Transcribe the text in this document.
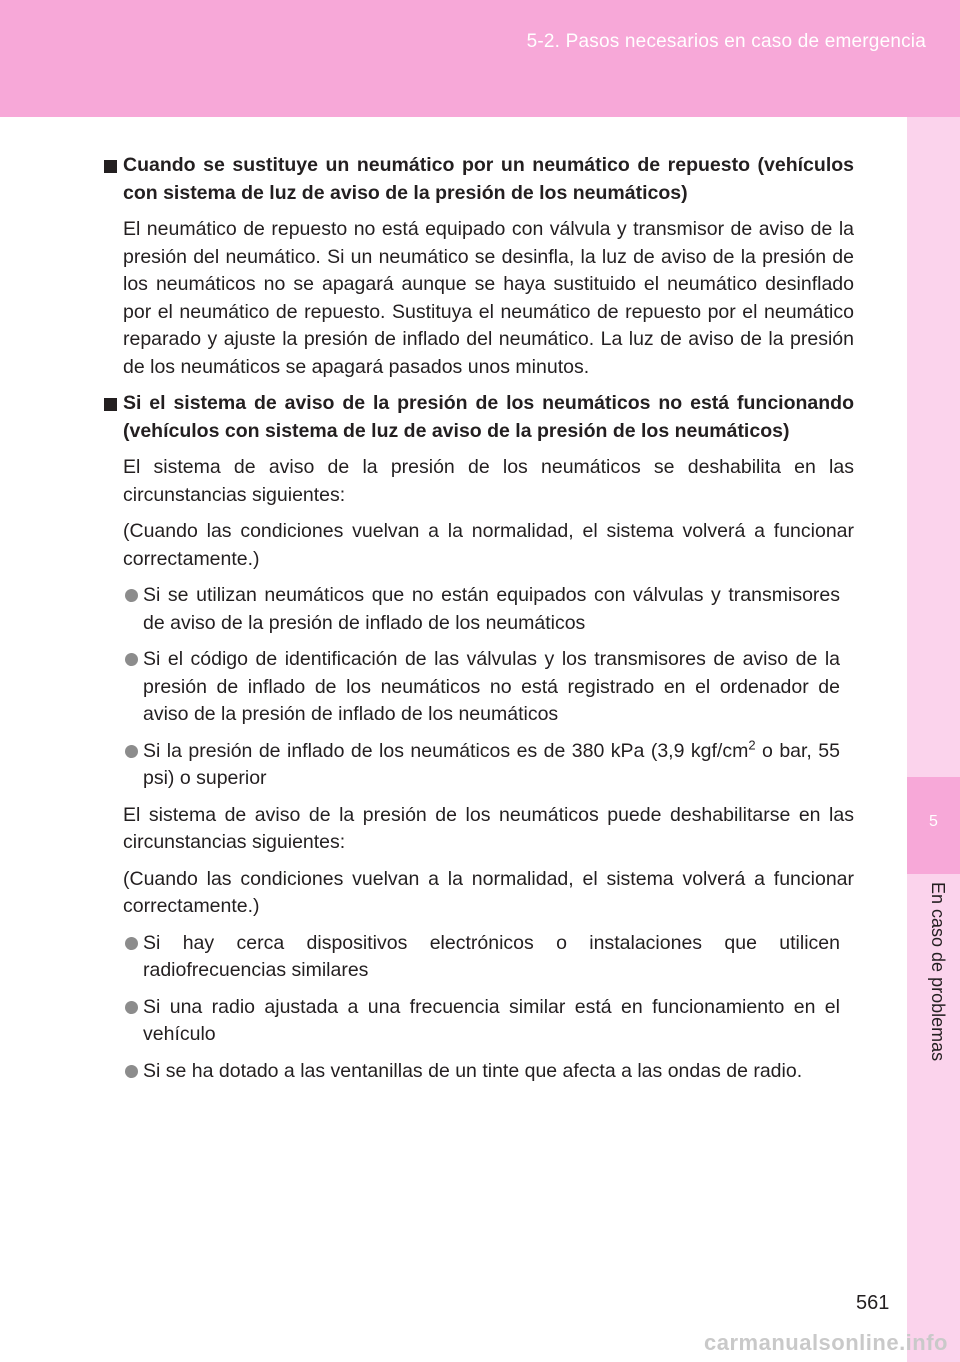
5-2. Pasos necesarios en caso de emergencia
5
En caso de problemas
Cuando se sustituye un neumático por un neumático de repuesto (vehículos con sistema de luz de aviso de la presión de los neumáticos)
El neumático de repuesto no está equipado con válvula y transmisor de aviso de la presión del neumático. Si un neumático se desinfla, la luz de aviso de la presión de los neumáticos no se apagará aunque se haya sustituido el neumático desinflado por el neumático de repuesto. Sustituya el neumático de repuesto por el neumático reparado y ajuste la presión de inflado del neumático. La luz de aviso de la presión de los neumáticos se apagará pasados unos minutos.
Si el sistema de aviso de la presión de los neumáticos no está funcionando (vehículos con sistema de luz de aviso de la presión de los neumáticos)
El sistema de aviso de la presión de los neumáticos se deshabilita en las circunstancias siguientes:
(Cuando las condiciones vuelvan a la normalidad, el sistema volverá a funcionar correctamente.)
Si se utilizan neumáticos que no están equipados con válvulas y transmisores de aviso de la presión de inflado de los neumáticos
Si el código de identificación de las válvulas y los transmisores de aviso de la presión de inflado de los neumáticos no está registrado en el ordenador de aviso de la presión de inflado de los neumáticos
Si la presión de inflado de los neumáticos es de 380 kPa (3,9 kgf/$cm^2$ o bar, 55 psi) o superior
El sistema de aviso de la presión de los neumáticos puede deshabilitarse en las circunstancias siguientes:
(Cuando las condiciones vuelvan a la normalidad, el sistema volverá a funcionar correctamente.)
Si hay cerca dispositivos electrónicos o instalaciones que utilicen radiofrecuencias similares
Si una radio ajustada a una frecuencia similar está en funcionamiento en el vehículo
Si se ha dotado a las ventanillas de un tinte que afecta a las ondas de radio.
561
carmanualsonline.info
